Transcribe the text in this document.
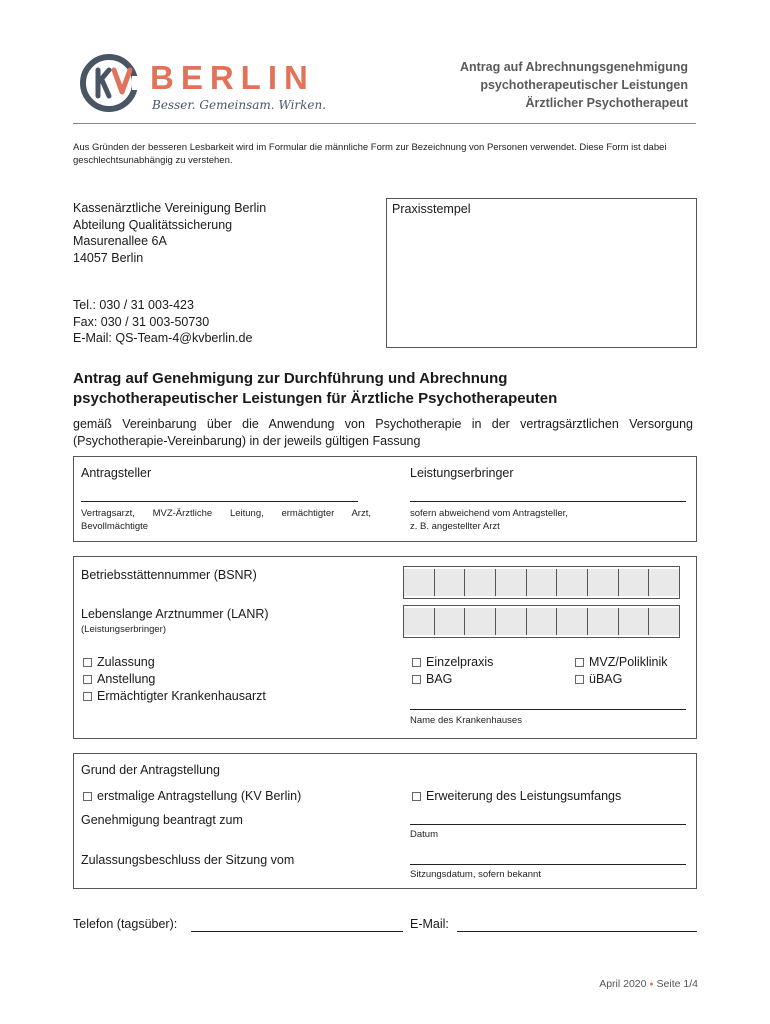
BERLIN
Besser. Gemeinsam. Wirken.
Antrag auf Abrechnungsgenehmigung
psychotherapeutischer Leistungen
Ärztlicher Psychotherapeut
Aus Gründen der besseren Lesbarkeit wird im Formular die männliche Form zur Bezeichnung von Personen verwendet. Diese Form ist dabei geschlechtsunabhängig zu verstehen.
Kassenärztliche Vereinigung Berlin
Abteilung Qualitätssicherung
Masurenallee 6A
14057 Berlin
Tel.: 030 / 31 003-423
Fax: 030 / 31 003-50730
E-Mail: QS-Team-4@kvberlin.de
Praxisstempel
Antrag auf Genehmigung zur Durchführung und Abrechnung
psychotherapeutischer Leistungen für Ärztliche Psychotherapeuten
gemäß Vereinbarung über die Anwendung von Psychotherapie in der vertragsärztlichen Versorgung (Psychotherapie-Vereinbarung) in der jeweils gültigen Fassung
Antragsteller
Vertragsarzt, MVZ-Ärztliche Leitung, ermächtigter Arzt, Bevollmächtigte
Leistungserbringer
sofern abweichend vom Antragsteller,
z. B. angestellter Arzt
Betriebsstättennummer (BSNR)
Lebenslange Arztnummer (LANR)
(Leistungserbringer)
Zulassung
Anstellung
Ermächtigter Krankenhausarzt
Einzelpraxis
BAG
MVZ/Poliklinik
üBAG
Name des Krankenhauses
Grund der Antragstellung
erstmalige Antragstellung (KV Berlin)	Erweiterung des Leistungsumfangs
Genehmigung beantragt zum
Datum
Zulassungsbeschluss der Sitzung vom
Sitzungsdatum, sofern bekannt
Telefon (tagsüber):	E-Mail:
April 2020 ● Seite 1/4
